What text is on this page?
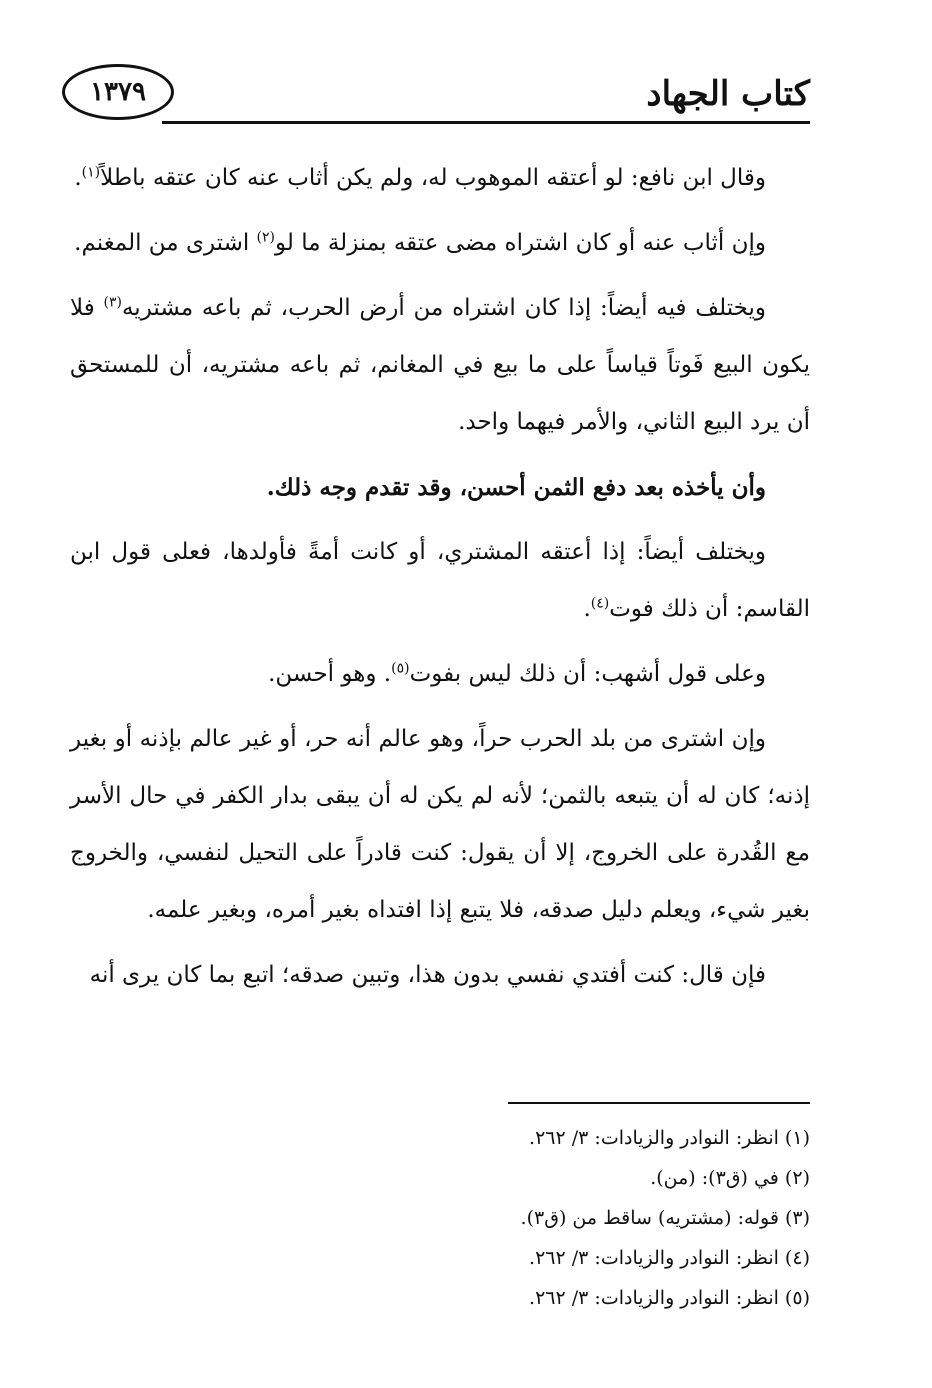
١٣٧٩	كتاب الجهاد

وقال ابن نافع: لو أعتقه الموهوب له، ولم يكن أثاب عنه كان عتقه باطلاً$^{(١)}$.

وإن أثاب عنه أو كان اشتراه مضى عتقه بمنزلة ما لو$^{(٢)}$ اشترى من المغنم.

ويختلف فيه أيضاً: إذا كان اشتراه من أرض الحرب، ثم باعه مشتريه$^{(٣)}$ فلا يكون البيع فَوتاً قياساً على ما بيع في المغانم، ثم باعه مشتريه، أن للمستحق أن يرد البيع الثاني، والأمر فيهما واحد.

وأن يأخذه بعد دفع الثمن أحسن، وقد تقدم وجه ذلك.

ويختلف أيضاً: إذا أعتقه المشتري، أو كانت أمةً فأولدها، فعلى قول ابن القاسم: أن ذلك فوت$^{(٤)}$.

وعلى قول أشهب: أن ذلك ليس بفوت$^{(٥)}$. وهو أحسن.

وإن اشترى من بلد الحرب حراً، وهو عالم أنه حر، أو غير عالم بإذنه أو بغير إذنه؛ كان له أن يتبعه بالثمن؛ لأنه لم يكن له أن يبقى بدار الكفر في حال الأسر مع القُدرة على الخروج، إلا أن يقول: كنت قادراً على التحيل لنفسي، والخروج بغير شيء، ويعلم دليل صدقه، فلا يتبع إذا افتداه بغير أمره، وبغير علمه.

فإن قال: كنت أفتدي نفسي بدون هذا، وتبين صدقه؛ اتبع بما كان يرى أنه

(١) انظر: النوادر والزيادات: ٣/ ٢٦٢.

(٢) في (ق٣): (من).

(٣) قوله: (مشتريه) ساقط من (ق٣).

(٤) انظر: النوادر والزيادات: ٣/ ٢٦٢.

(٥) انظر: النوادر والزيادات: ٣/ ٢٦٢.
